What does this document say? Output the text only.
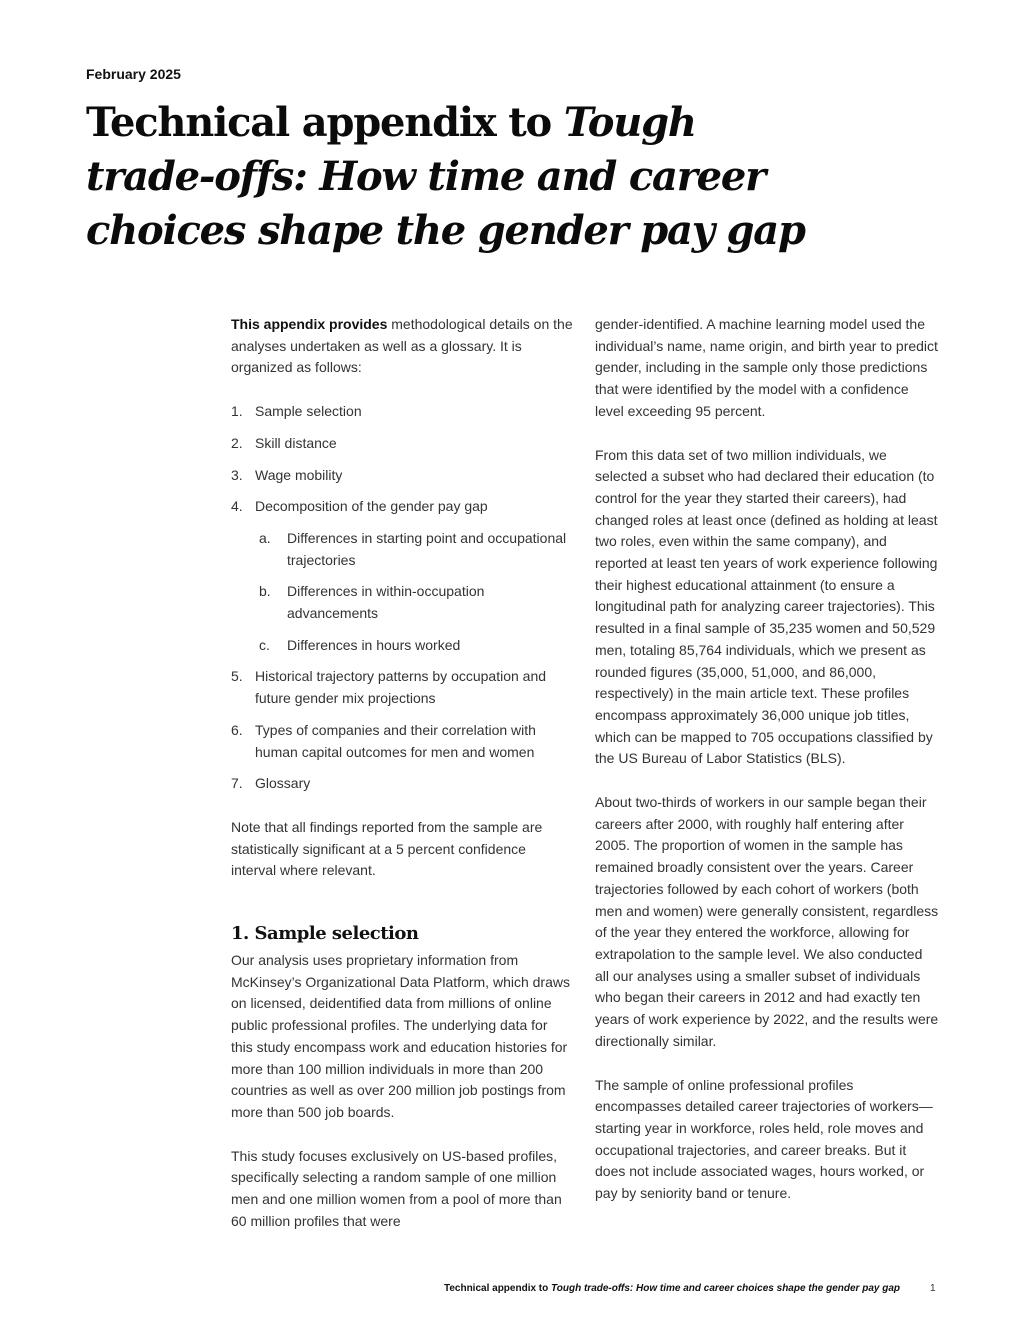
February 2025
Technical appendix to Tough trade-offs: How time and career choices shape the gender pay gap

This appendix provides methodological details on the analyses undertaken as well as a glossary. It is organized as follows:

1. Sample selection
2. Skill distance
3. Wage mobility
4. Decomposition of the gender pay gap
a.	Differences in starting point and occupational trajectories
b.	Differences in within-occupation advancements
c.	Differences in hours worked
5. Historical trajectory patterns by occupation and future gender mix projections
6. Types of companies and their correlation with human capital outcomes for men and women
7. Glossary

Note that all findings reported from the sample are statistically significant at a 5 percent confidence interval where relevant.

1. Sample selection

Our analysis uses proprietary information from McKinsey’s Organizational Data Platform, which draws on licensed, deidentified data from millions of online public professional profiles. The underlying data for this study encompass work and education histories for more than 100 million individuals in more than 200 countries as well as over 200 million job postings from more than 500 job boards.

This study focuses exclusively on US-based profiles, specifically selecting a random sample of one million men and one million women from a pool of more than 60 million profiles that were

gender-identified. A machine learning model used the individual’s name, name origin, and birth year to predict gender, including in the sample only those predictions that were identified by the model with a confidence level exceeding 95 percent.

From this data set of two million individuals, we selected a subset who had declared their education (to control for the year they started their careers), had changed roles at least once (defined as holding at least two roles, even within the same company), and reported at least ten years of work experience following their highest educational attainment (to ensure a longitudinal path for analyzing career trajectories). This resulted in a final sample of 35,235 women and 50,529 men, totaling 85,764 individuals, which we present as rounded figures (35,000, 51,000, and 86,000, respectively) in the main article text. These profiles encompass approximately 36,000 unique job titles, which can be mapped to 705 occupations classified by the US Bureau of Labor Statistics (BLS).

About two-thirds of workers in our sample began their careers after 2000, with roughly half entering after 2005. The proportion of women in the sample has remained broadly consistent over the years. Career trajectories followed by each cohort of workers (both men and women) were generally consistent, regardless of the year they entered the workforce, allowing for extrapolation to the sample level. We also conducted all our analyses using a smaller subset of individuals who began their careers in 2012 and had exactly ten years of work experience by 2022, and the results were directionally similar.

The sample of online professional profiles encompasses detailed career trajectories of workers—starting year in workforce, roles held, role moves and occupational trajectories, and career breaks. But it does not include associated wages, hours worked, or pay by seniority band or tenure.

Technical appendix to Tough trade-offs: How time and career choices shape the gender pay gap	1
